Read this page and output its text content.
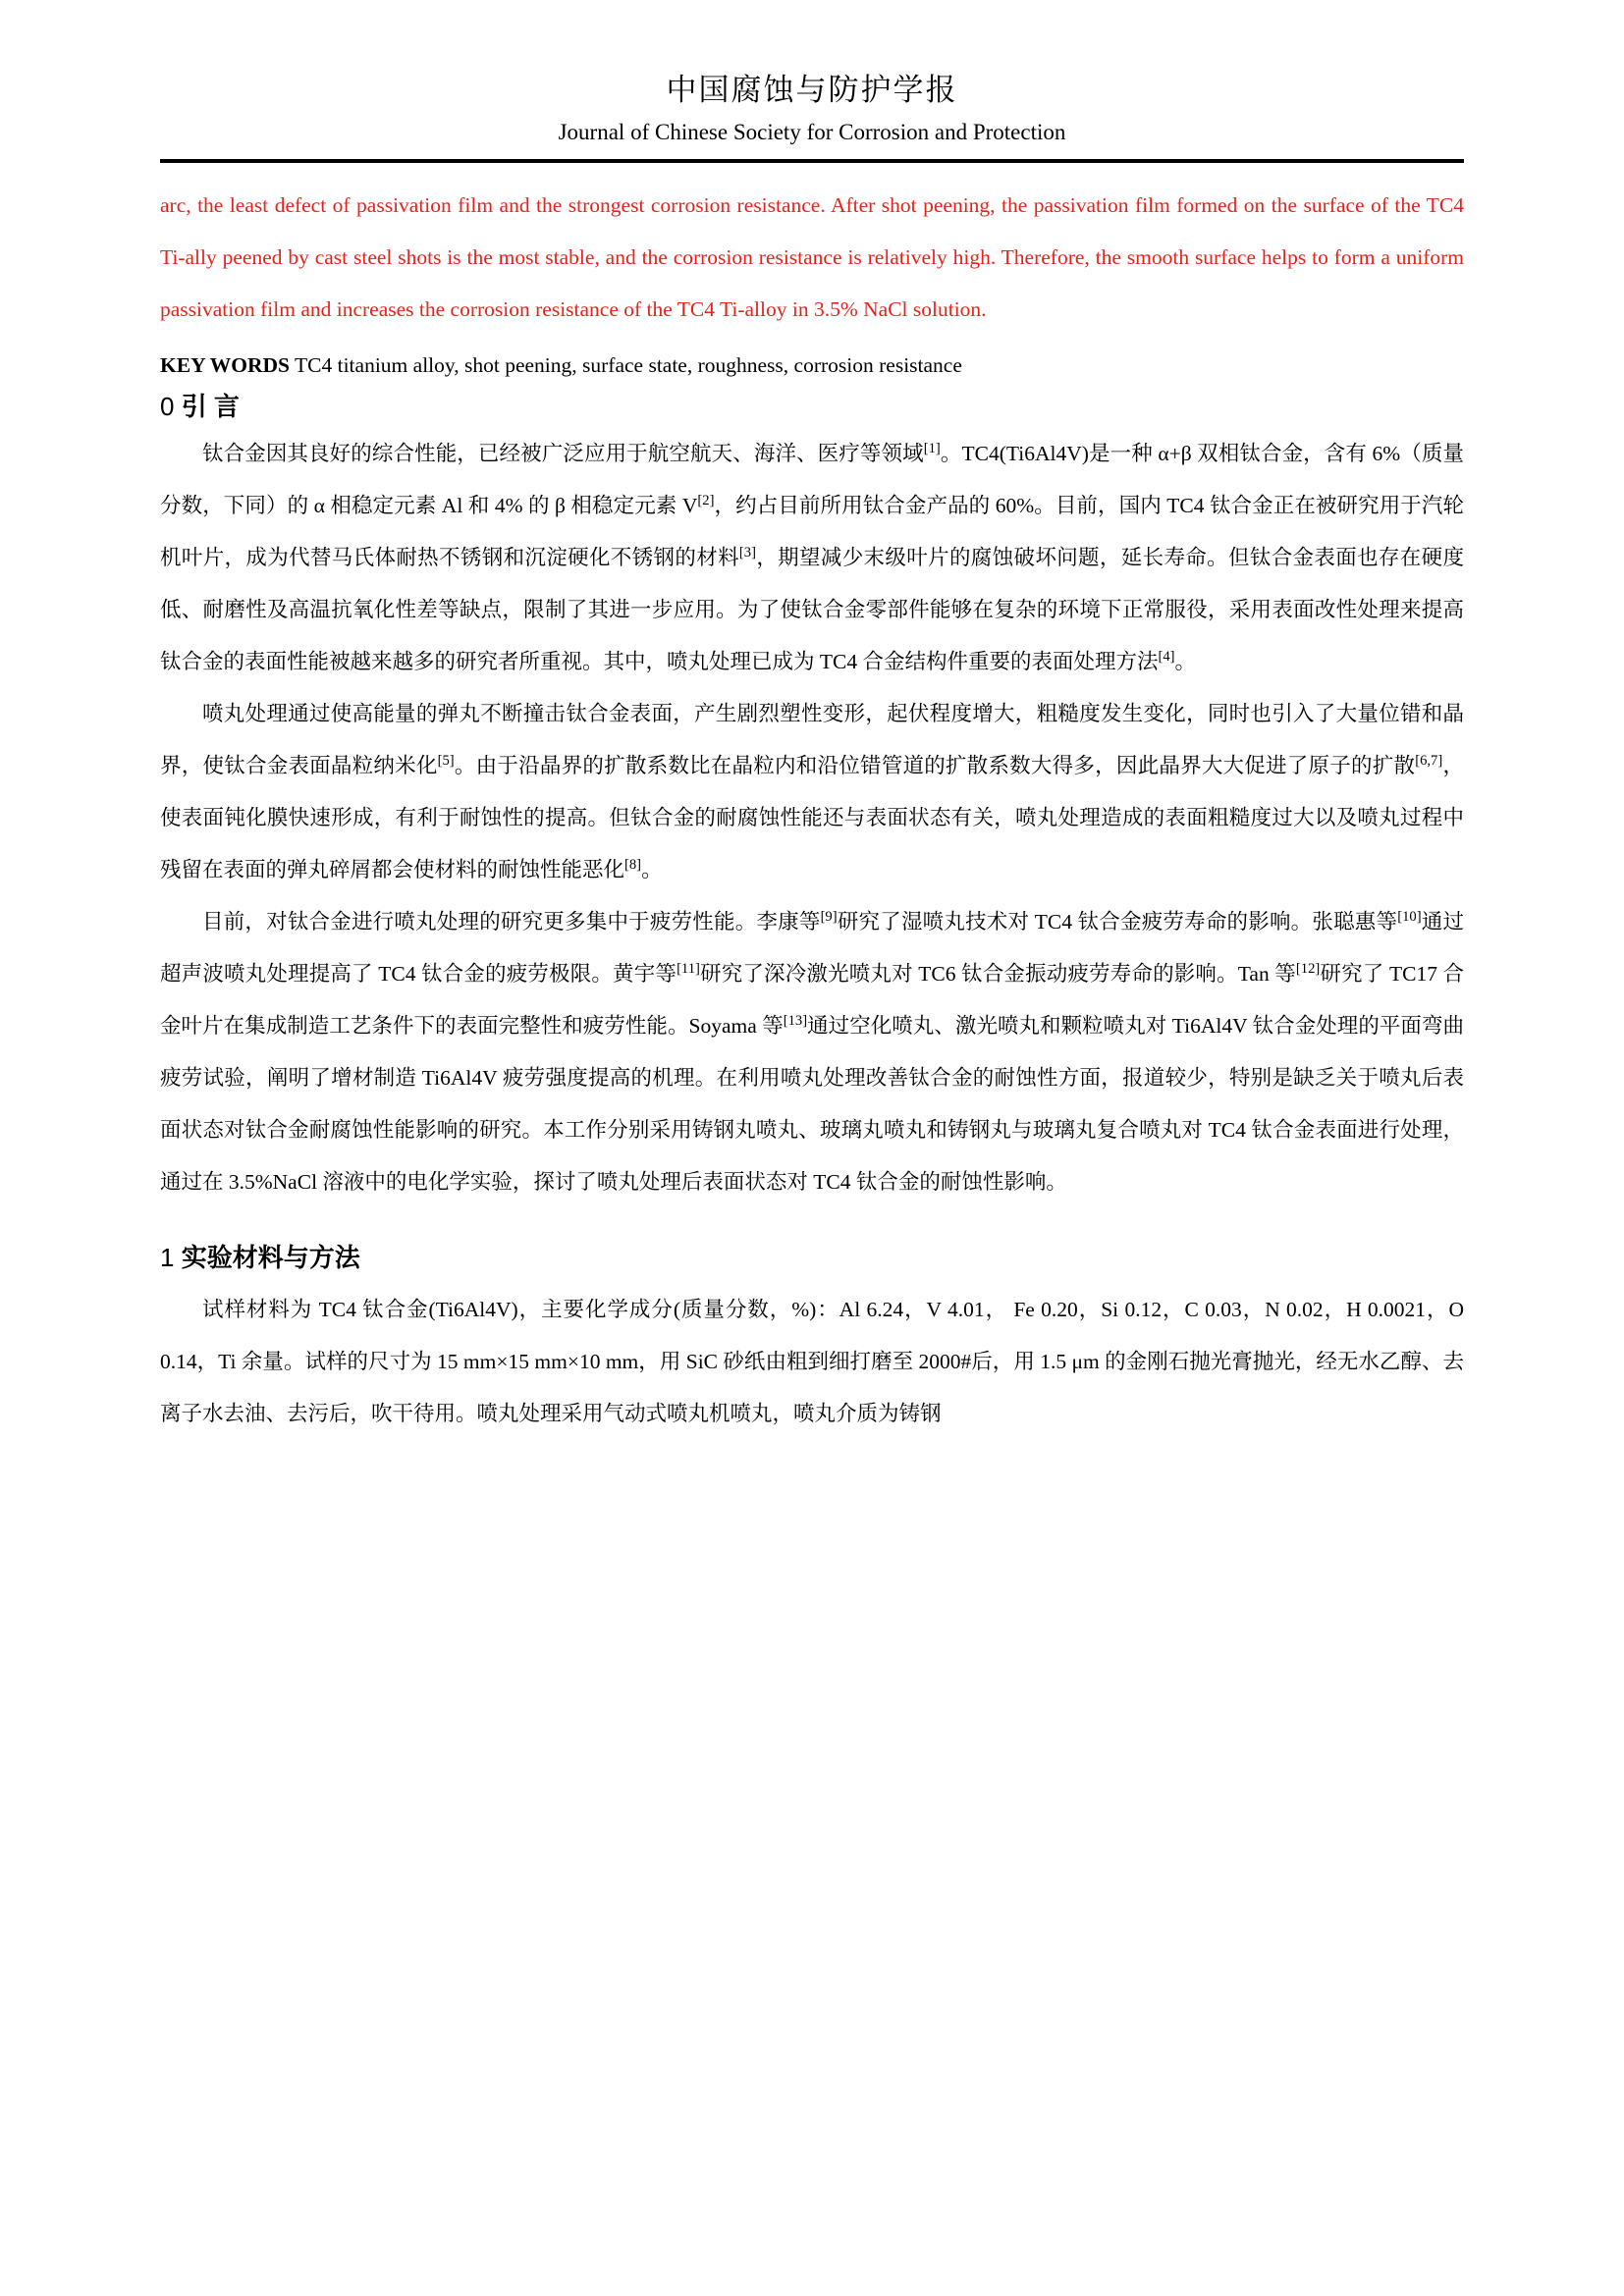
中国腐蚀与防护学报
Journal of Chinese Society for Corrosion and Protection
arc, the least defect of passivation film and the strongest corrosion resistance. After shot peening, the passivation film formed on the surface of the TC4 Ti-ally peened by cast steel shots is the most stable, and the corrosion resistance is relatively high. Therefore, the smooth surface helps to form a uniform passivation film and increases the corrosion resistance of the TC4 Ti-alloy in 3.5% NaCl solution.
KEY WORDS TC4 titanium alloy, shot peening, surface state, roughness, corrosion resistance
0 引 言
钛合金因其良好的综合性能，已经被广泛应用于航空航天、海洋、医疗等领域[1]。TC4(Ti6Al4V)是一种 α+β 双相钛合金，含有 6%（质量分数，下同）的 α 相稳定元素 Al 和 4% 的 β 相稳定元素 V[2]，约占目前所用钛合金产品的 60%。目前，国内 TC4 钛合金正在被研究用于汽轮机叶片，成为代替马氏体耐热不锈钢和沉淀硬化不锈钢的材料[3]，期望减少末级叶片的腐蚀破坏问题，延长寿命。但钛合金表面也存在硬度低、耐磨性及高温抗氧化性差等缺点，限制了其进一步应用。为了使钛合金零部件能够在复杂的环境下正常服役，采用表面改性处理来提高钛合金的表面性能被越来越多的研究者所重视。其中，喷丸处理已成为 TC4 合金结构件重要的表面处理方法[4]。
喷丸处理通过使高能量的弹丸不断撞击钛合金表面，产生剧烈塑性变形，起伏程度增大，粗糙度发生变化，同时也引入了大量位错和晶界，使钛合金表面晶粒纳米化[5]。由于沿晶界的扩散系数比在晶粒内和沿位错管道的扩散系数大得多，因此晶界大大促进了原子的扩散[6,7]，使表面钝化膜快速形成，有利于耐蚀性的提高。但钛合金的耐腐蚀性能还与表面状态有关，喷丸处理造成的表面粗糙度过大以及喷丸过程中残留在表面的弹丸碎屑都会使材料的耐蚀性能恶化[8]。
目前，对钛合金进行喷丸处理的研究更多集中于疲劳性能。李康等[9]研究了湿喷丸技术对 TC4 钛合金疲劳寿命的影响。张聪惠等[10]通过超声波喷丸处理提高了 TC4 钛合金的疲劳极限。黄宇等[11]研究了深冷激光喷丸对 TC6 钛合金振动疲劳寿命的影响。Tan 等[12]研究了 TC17 合金叶片在集成制造工艺条件下的表面完整性和疲劳性能。Soyama 等[13]通过空化喷丸、激光喷丸和颗粒喷丸对 Ti6Al4V 钛合金处理的平面弯曲疲劳试验，阐明了增材制造 Ti6Al4V 疲劳强度提高的机理。在利用喷丸处理改善钛合金的耐蚀性方面，报道较少，特别是缺乏关于喷丸后表面状态对钛合金耐腐蚀性能影响的研究。本工作分别采用铸钢丸喷丸、玻璃丸喷丸和铸钢丸与玻璃丸复合喷丸对 TC4 钛合金表面进行处理，通过在 3.5%NaCl 溶液中的电化学实验，探讨了喷丸处理后表面状态对 TC4 钛合金的耐蚀性影响。
1 实验材料与方法
试样材料为 TC4 钛合金(Ti6Al4V)，主要化学成分(质量分数，%)：Al 6.24，V 4.01， Fe 0.20，Si 0.12，C 0.03，N 0.02，H 0.0021，O 0.14，Ti 余量。试样的尺寸为 15 mm×15 mm×10 mm，用 SiC 砂纸由粗到细打磨至 2000#后，用 1.5 μm 的金刚石抛光膏抛光，经无水乙醇、去离子水去油、去污后，吹干待用。喷丸处理采用气动式喷丸机喷丸，喷丸介质为铸钢
